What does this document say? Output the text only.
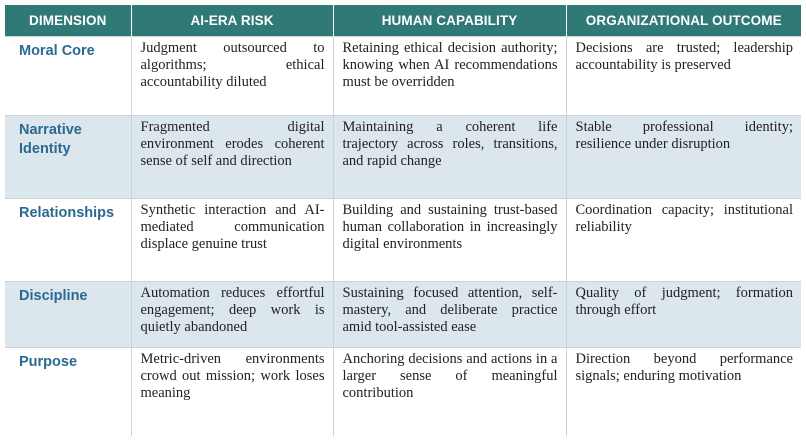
DIMENSION	AI-ERA RISK	HUMAN CAPABILITY	ORGANIZATIONAL OUTCOME
Moral Core	Judgment outsourced to algorithms; ethical accountability diluted	Retaining ethical decision authority; knowing when AI recommendations must be overridden	Decisions are trusted; leadership accountability is preserved
Narrative Identity	Fragmented digital environment erodes coherent sense of self and direction	Maintaining a coherent life trajectory across roles, transitions, and rapid change	Stable professional identity; resilience under disruption
Relationships	Synthetic interaction and AI-mediated communication displace genuine trust	Building and sustaining trust-based human collaboration in increasingly digital environments	Coordination capacity; institutional reliability
Discipline	Automation reduces effortful engagement; deep work is quietly abandoned	Sustaining focused attention, self-mastery, and deliberate practice amid tool-assisted ease	Quality of judgment; formation through effort
Purpose	Metric-driven environments crowd out mission; work loses meaning	Anchoring decisions and actions in a larger sense of meaningful contribution	Direction beyond performance signals; enduring motivation
